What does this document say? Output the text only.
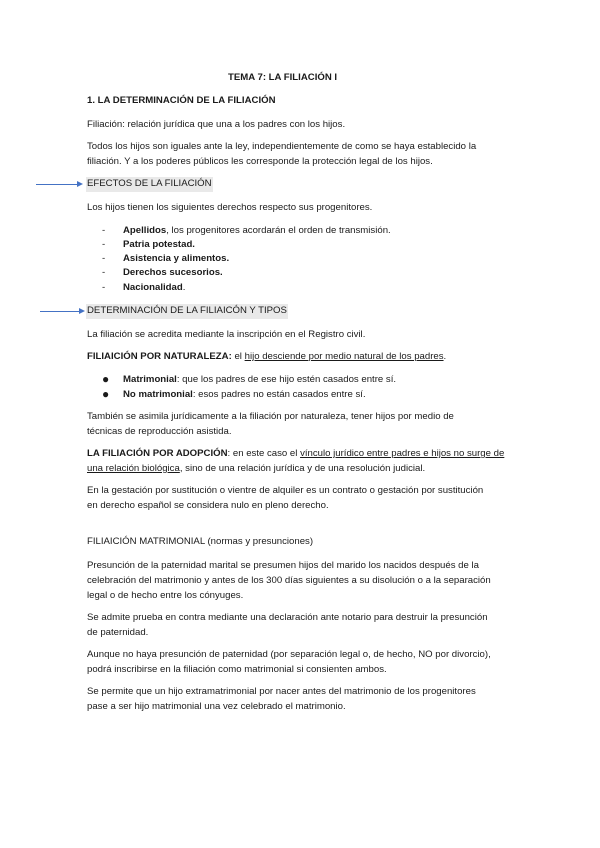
TEMA 7: LA FILIACIÓN I
1. LA DETERMINACIÓN DE LA FILIACIÓN
Filiación: relación jurídica que una a los padres con los hijos.
Todos los hijos son iguales ante la ley, independientemente de como se haya establecido la
filiación. Y a los poderes públicos les corresponde la protección legal de los hijos.
EFECTOS DE LA FILIACIÓN
Los hijos tienen los siguientes derechos respecto sus progenitores.
- Apellidos, los progenitores acordarán el orden de transmisión.
- Patria potestad.
- Asistencia y alimentos.
- Derechos sucesorios.
- Nacionalidad.
DETERMINACIÓN DE LA FILIAICÓN Y TIPOS
La filiación se acredita mediante la inscripción en el Registro civil.
FILIAICIÓN POR NATURALEZA: el hijo desciende por medio natural de los padres.
● Matrimonial: que los padres de ese hijo estén casados entre sí.
● No matrimonial: esos padres no están casados entre sí.
También se asimila jurídicamente a la filiación por naturaleza, tener hijos por medio de
técnicas de reproducción asistida.
LA FILIACIÓN POR ADOPCIÓN: en este caso el vínculo jurídico entre padres e hijos no surge de
una relación biológica, sino de una relación jurídica y de una resolución judicial.
En la gestación por sustitución o vientre de alquiler es un contrato o gestación por sustitución
en derecho español se considera nulo en pleno derecho.
FILIAICIÓN MATRIMONIAL (normas y presunciones)
Presunción de la paternidad marital se presumen hijos del marido los nacidos después de la
celebración del matrimonio y antes de los 300 días siguientes a su disolución o a la separación
legal o de hecho entre los cónyuges.
Se admite prueba en contra mediante una declaración ante notario para destruir la presunción
de paternidad.
Aunque no haya presunción de paternidad (por separación legal o, de hecho, NO por divorcio),
podrá inscribirse en la filiación como matrimonial si consienten ambos.
Se permite que un hijo extramatrimonial por nacer antes del matrimonio de los progenitores
pase a ser hijo matrimonial una vez celebrado el matrimonio.
